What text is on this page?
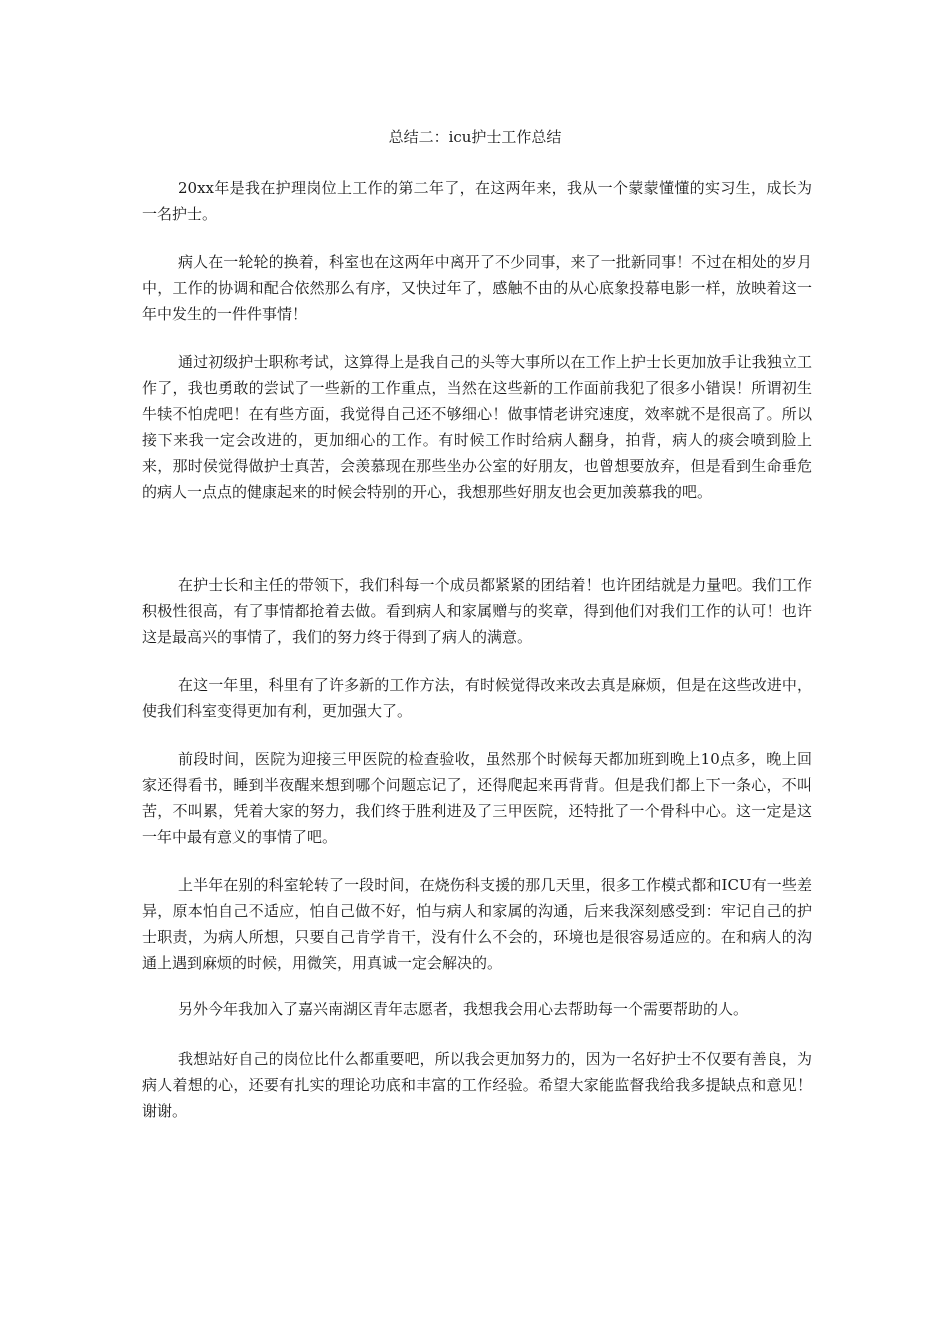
总结二：icu护士工作总结

20xx年是我在护理岗位上工作的第二年了，在这两年来，我从一个蒙蒙懂懂的实习生，成长为一名护士。

病人在一轮轮的换着，科室也在这两年中离开了不少同事，来了一批新同事！不过在相处的岁月中，工作的协调和配合依然那么有序，又快过年了，感触不由的从心底象投幕电影一样，放映着这一年中发生的一件件事情！

通过初级护士职称考试，这算得上是我自己的头等大事所以在工作上护士长更加放手让我独立工作了，我也勇敢的尝试了一些新的工作重点，当然在这些新的工作面前我犯了很多小错误！所谓初生牛犊不怕虎吧！在有些方面，我觉得自己还不够细心！做事情老讲究速度，效率就不是很高了。所以接下来我一定会改进的，更加细心的工作。有时候工作时给病人翻身，拍背，病人的痰会喷到脸上来，那时侯觉得做护士真苦，会羡慕现在那些坐办公室的好朋友，也曾想要放弃，但是看到生命垂危的病人一点点的健康起来的时候会特别的开心，我想那些好朋友也会更加羡慕我的吧。

在护士长和主任的带领下，我们科每一个成员都紧紧的团结着！也许团结就是力量吧。我们工作积极性很高，有了事情都抢着去做。看到病人和家属赠与的奖章，得到他们对我们工作的认可！也许这是最高兴的事情了，我们的努力终于得到了病人的满意。

在这一年里，科里有了许多新的工作方法，有时候觉得改来改去真是麻烦，但是在这些改进中，使我们科室变得更加有利，更加强大了。

前段时间，医院为迎接三甲医院的检查验收，虽然那个时候每天都加班到晚上10点多，晚上回家还得看书，睡到半夜醒来想到哪个问题忘记了，还得爬起来再背背。但是我们都上下一条心，不叫苦，不叫累，凭着大家的努力，我们终于胜利进及了三甲医院，还特批了一个骨科中心。这一定是这一年中最有意义的事情了吧。

上半年在别的科室轮转了一段时间，在烧伤科支援的那几天里，很多工作模式都和ICU有一些差异，原本怕自己不适应，怕自己做不好，怕与病人和家属的沟通，后来我深刻感受到：牢记自己的护士职责，为病人所想，只要自己肯学肯干，没有什么不会的，环境也是很容易适应的。在和病人的沟通上遇到麻烦的时候，用微笑，用真诚一定会解决的。

另外今年我加入了嘉兴南湖区青年志愿者，我想我会用心去帮助每一个需要帮助的人。

我想站好自己的岗位比什么都重要吧，所以我会更加努力的，因为一名好护士不仅要有善良，为病人着想的心，还要有扎实的理论功底和丰富的工作经验。希望大家能监督我给我多提缺点和意见！谢谢。
